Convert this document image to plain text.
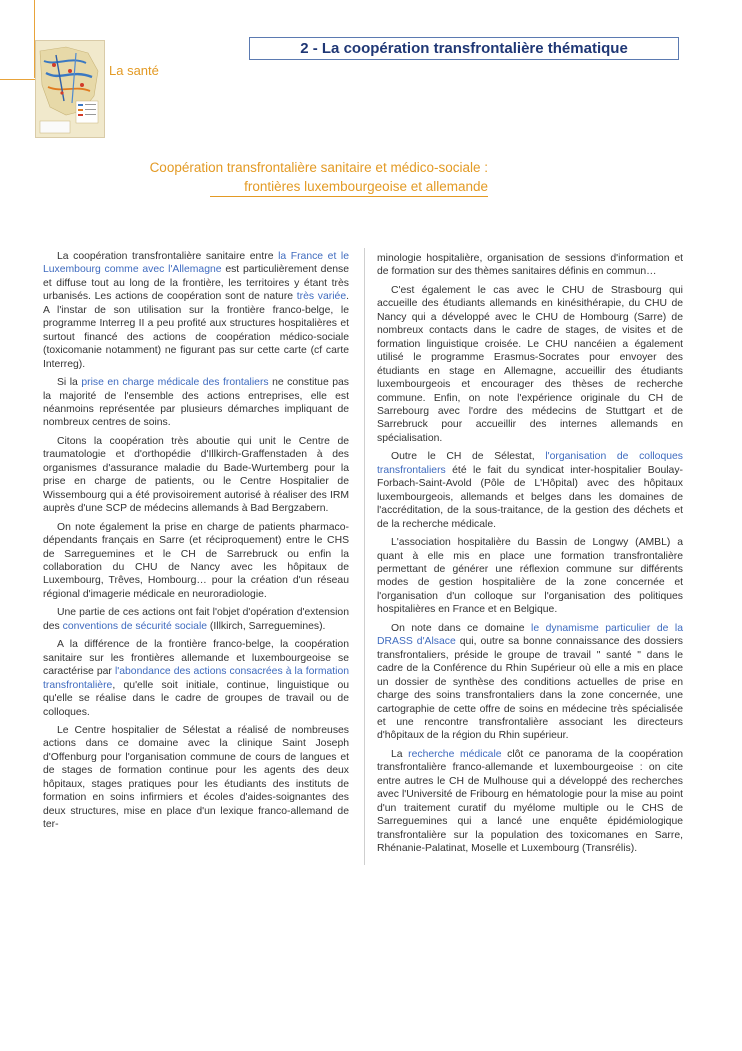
La santé
2 - La coopération transfrontalière thématique
Coopération transfrontalière sanitaire et médico-sociale :
frontières luxembourgeoise et allemande

La coopération transfrontalière sanitaire entre la France et le Luxembourg comme avec l'Allemagne est particulièrement dense et diffuse tout au long de la frontière, les territoires y étant très urbanisés. Les actions de coopération sont de nature très variée. A l'instar de son utilisation sur la frontière franco-belge, le programme Interreg II a peu profité aux structures hospitalières et surtout financé des actions de coopération médico-sociale (toxicomanie notamment) ne figurant pas sur cette carte (cf carte Interreg).

Si la prise en charge médicale des frontaliers ne constitue pas la majorité de l'ensemble des actions entreprises, elle est néanmoins représentée par plusieurs démarches impliquant de nombreux centres de soins.

Citons la coopération très aboutie qui unit le Centre de traumatologie et d'orthopédie d'Illkirch-Graffenstaden à des organismes d'assurance maladie du Bade-Wurtemberg pour la prise en charge de patients, ou le Centre Hospitalier de Wissembourg qui a été provisoirement autorisé à réaliser des IRM auprès d'une SCP de médecins allemands à Bad Bergzabern.

On note également la prise en charge de patients pharmaco-dépendants français en Sarre (et réciproquement) entre le CHS de Sarreguemines et le CH de Sarrebruck ou enfin la collaboration du CHU de Nancy avec les hôpitaux de Luxembourg, Trêves, Hombourg… pour la création d'un réseau régional d'imagerie médicale en neuroradiologie.

Une partie de ces actions ont fait l'objet d'opération d'extension des conventions de sécurité sociale (Illkirch, Sarreguemines).

A la différence de la frontière franco-belge, la coopération sanitaire sur les frontières allemande et luxembourgeoise se caractérise par l'abondance des actions consacrées à la formation transfrontalière, qu'elle soit initiale, continue, linguistique ou qu'elle se réalise dans le cadre de groupes de travail ou de colloques.

Le Centre hospitalier de Sélestat a réalisé de nombreuses actions dans ce domaine avec la clinique Saint Joseph d'Offenburg pour l'organisation commune de cours de langues et de stages de formation continue pour les agents des deux hôpitaux, stages pratiques pour les étudiants des instituts de formation en soins infirmiers et écoles d'aides-soignantes des deux structures, mise en place d'un lexique franco-allemand de ter-

minologie hospitalière, organisation de sessions d'information et de formation sur des thèmes sanitaires définis en commun…

C'est également le cas avec le CHU de Strasbourg qui accueille des étudiants allemands en kinésithérapie, du CHU de Nancy qui a développé avec le CHU de Hombourg (Sarre) de nombreux contacts dans le cadre de stages, de visites et de formation linguistique croisée. Le CHU nancéien a également utilisé le programme Erasmus-Socrates pour envoyer des étudiants en stage en Allemagne, accueillir des étudiants luxembourgeois et encourager des thèses de recherche commune. Enfin, on note l'expérience originale du CH de Sarrebourg avec l'ordre des médecins de Stuttgart et de Sarrebruck pour accueillir des internes allemands en spécialisation.

Outre le CH de Sélestat, l'organisation de colloques transfrontaliers été le fait du syndicat inter-hospitalier Boulay-Forbach-Saint-Avold (Pôle de L'Hôpital) avec des hôpitaux luxembourgeois, allemands et belges dans les domaines de l'accréditation, de la sous-traitance, de la gestion des déchets et de la recherche médicale.

L'association hospitalière du Bassin de Longwy (AMBL) a quant à elle mis en place une formation transfrontalière permettant de générer une réflexion commune sur différents modes de gestion hospitalière de la zone concernée et l'organisation d'un colloque sur l'organisation des politiques hospitalières en France et en Belgique.

On note dans ce domaine le dynamisme particulier de la DRASS d'Alsace qui, outre sa bonne connaissance des dossiers transfrontaliers, préside le groupe de travail " santé " dans le cadre de la Conférence du Rhin Supérieur où elle a mis en place un dossier de synthèse des conditions actuelles de prise en charge des soins transfrontaliers dans la zone concernée, une cartographie de cette offre de soins en médecine très spécialisée et une rencontre transfrontalière associant les directeurs d'hôpitaux de la région du Rhin supérieur.

La recherche médicale clôt ce panorama de la coopération transfrontalière franco-allemande et luxembourgeoise : on cite entre autres le CH de Mulhouse qui a développé des recherches avec l'Université de Fribourg en hématologie pour la mise au point d'un traitement curatif du myélome multiple ou le CHS de Sarreguemines qui a lancé une enquête épidémiologique transfrontalière sur la population des toxicomanes en Sarre, Rhénanie-Palatinat, Moselle et Luxembourg (Transrélis).
